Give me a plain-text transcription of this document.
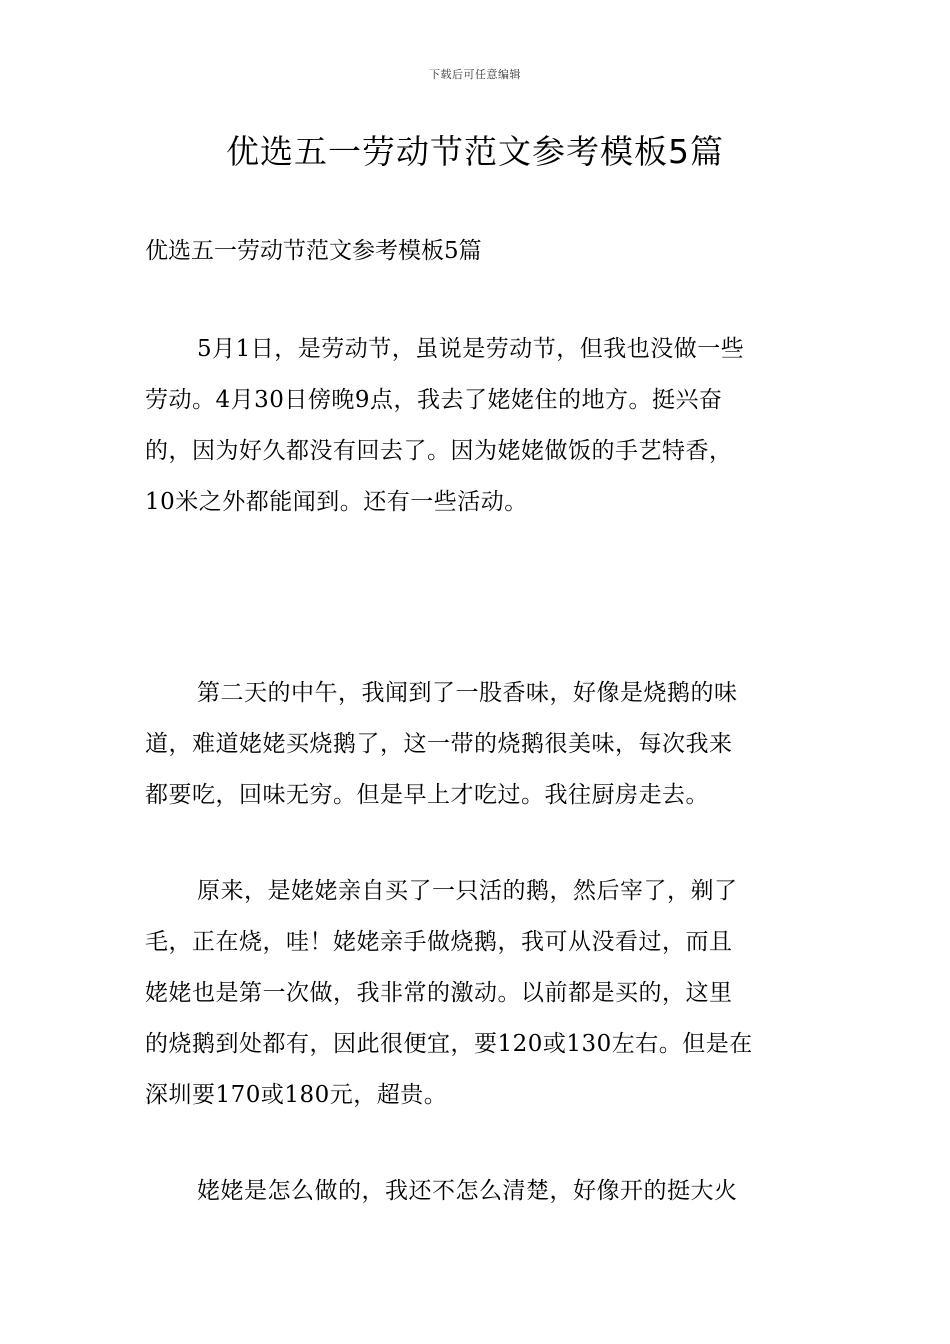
下载后可任意编辑
优选五一劳动节范文参考模板5篇

优选五一劳动节范文参考模板5篇

5月1日，是劳动节，虽说是劳动节，但我也没做一些
劳动。4月30日傍晚9点，我去了姥姥住的地方。挺兴奋
的，因为好久都没有回去了。因为姥姥做饭的手艺特香，
10米之外都能闻到。还有一些活动。

第二天的中午，我闻到了一股香味，好像是烧鹅的味
道，难道姥姥买烧鹅了，这一带的烧鹅很美味，每次我来
都要吃，回味无穷。但是早上才吃过。我往厨房走去。

原来，是姥姥亲自买了一只活的鹅，然后宰了，剃了
毛，正在烧，哇！姥姥亲手做烧鹅，我可从没看过，而且
姥姥也是第一次做，我非常的激动。以前都是买的，这里
的烧鹅到处都有，因此很便宜，要120或130左右。但是在
深圳要170或180元，超贵。

姥姥是怎么做的，我还不怎么清楚，好像开的挺大火
